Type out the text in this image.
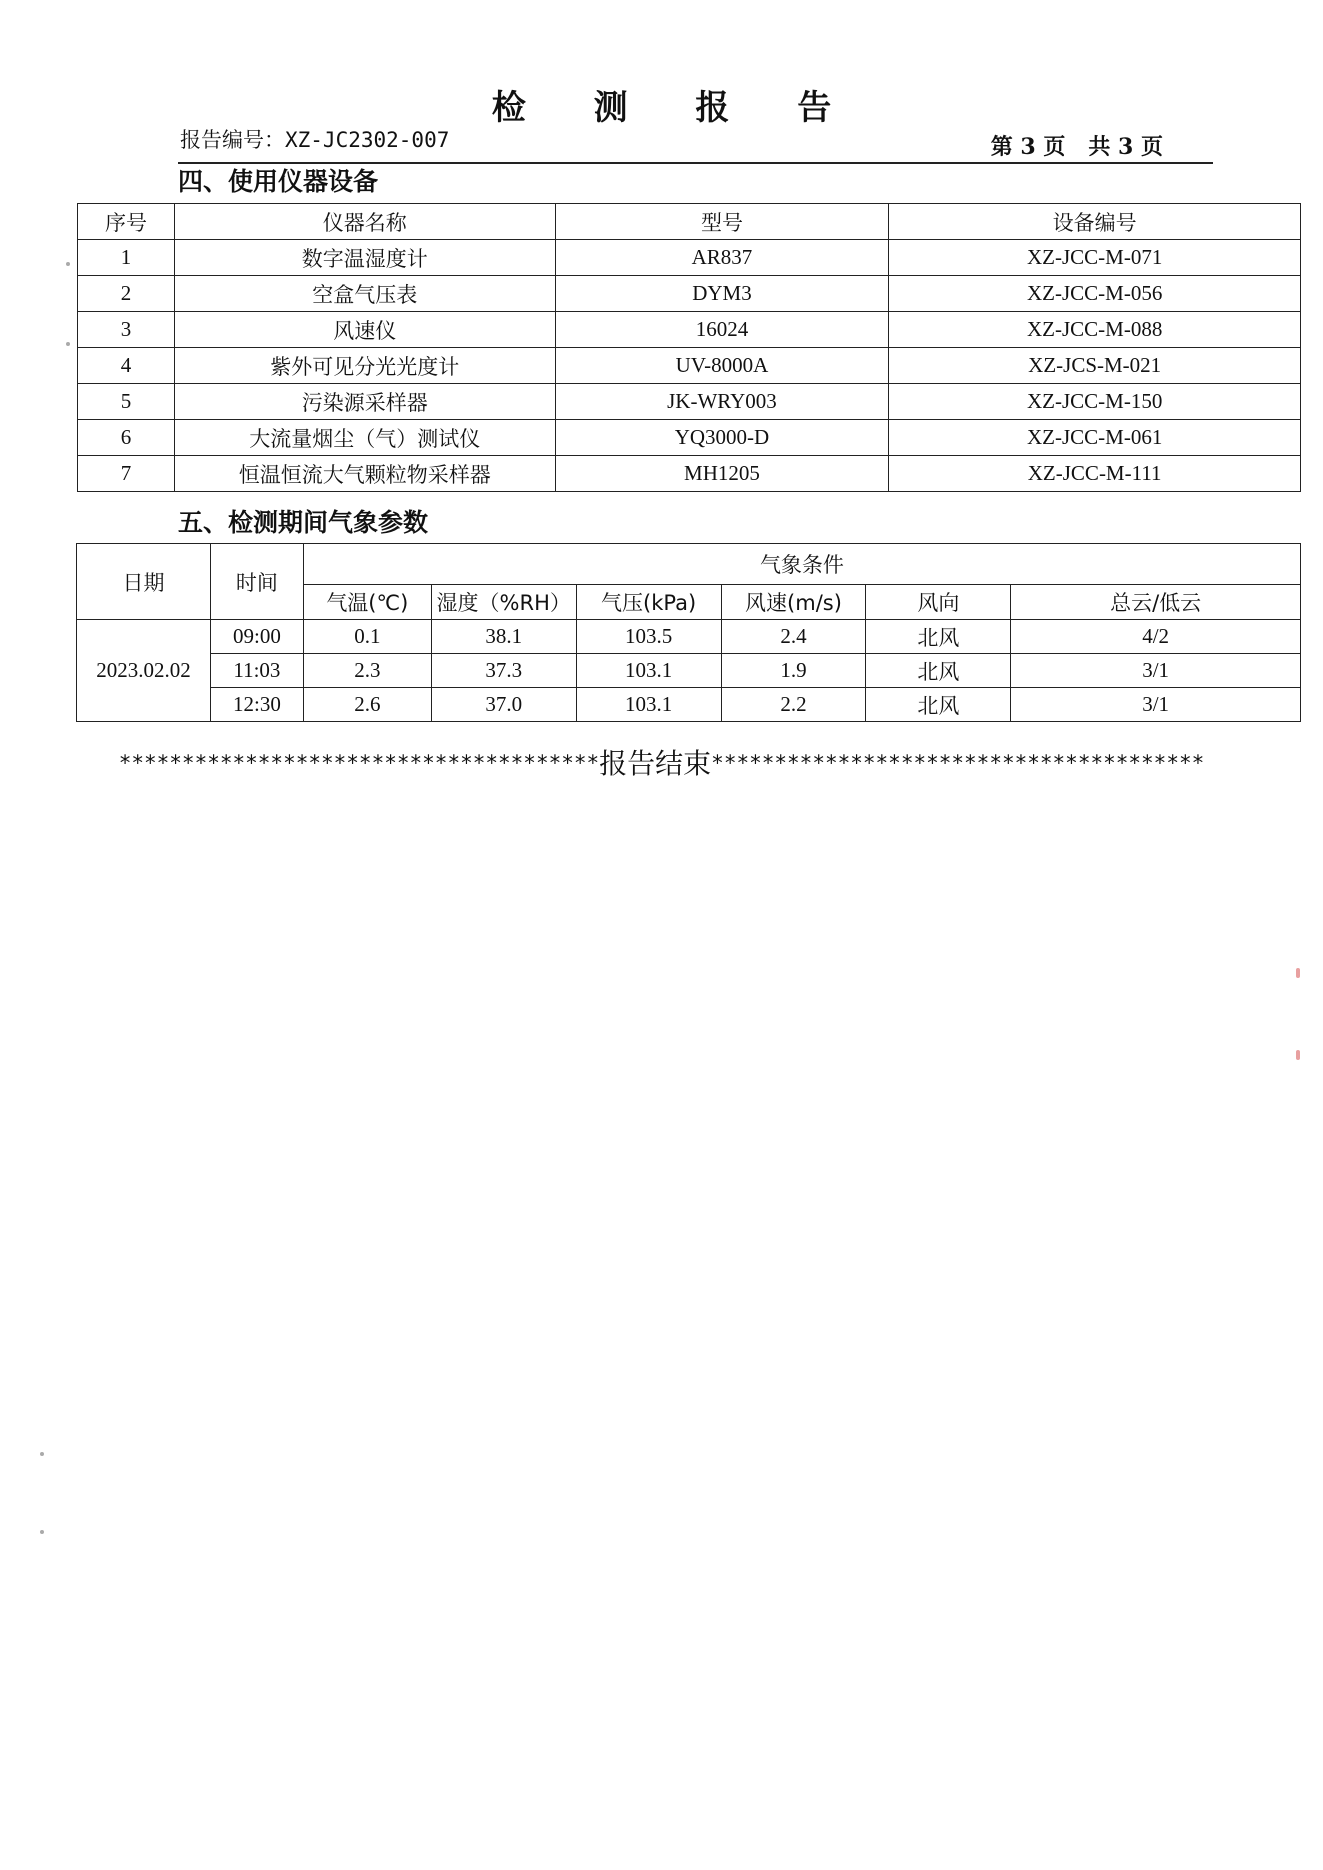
检 测 报 告
报告编号：XZ-JC2302-007	第 3 页   共 3 页
四、使用仪器设备
序号	仪器名称	型号	设备编号
1	数字温湿度计	AR837	XZ-JCC-M-071
2	空盒气压表	DYM3	XZ-JCC-M-056
3	风速仪	16024	XZ-JCC-M-088
4	紫外可见分光光度计	UV-8000A	XZ-JCS-M-021
5	污染源采样器	JK-WRY003	XZ-JCC-M-150
6	大流量烟尘（气）测试仪	YQ3000-D	XZ-JCC-M-061
7	恒温恒流大气颗粒物采样器	MH1205	XZ-JCC-M-111
五、检测期间气象参数
日期	时间	气象条件					
		气温(℃)	湿度（%RH）	气压(kPa)	风速(m/s)	风向	总云/低云
2023.02.02	09:00	0.1	38.1	103.5	2.4	北风	4/2
	11:03	2.3	37.3	103.1	1.9	北风	3/1
	12:30	2.6	37.0	103.1	2.2	北风	3/1
**************************************报告结束***************************************
